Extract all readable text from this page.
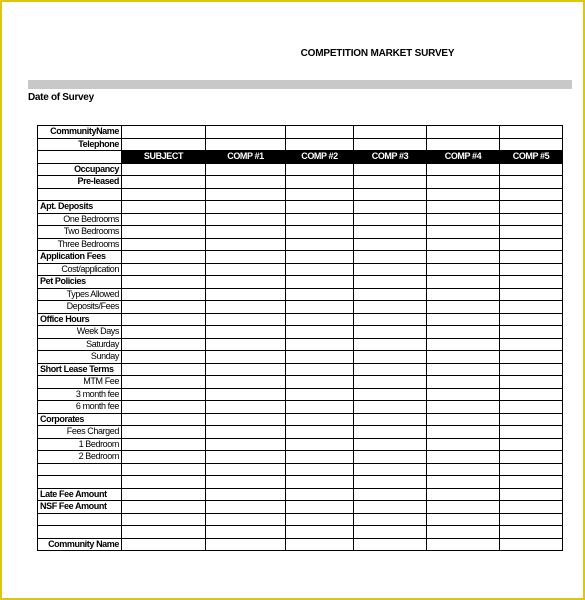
COMPETITION MARKET SURVEY
Date of Survey
CommunityName						
Telephone						
	SUBJECT	COMP #1	COMP #2	COMP #3	COMP #4	COMP #5
Occupancy						
Pre-leased						

Apt. Deposits						
One Bedrooms						
Two Bedrooms						
Three Bedrooms						
Application Fees						
Cost/application						
Pet Policies						
Types Allowed						
Deposits/Fees						
Office Hours						
Week Days						
Saturday						
Sunday						
Short Lease Terms						
MTM Fee						
3 month fee						
6 month fee						
Corporates						
Fees Charged						
1 Bedroom						
2 Bedroom						

Late Fee Amount						
NSF Fee Amount						

Community Name						
